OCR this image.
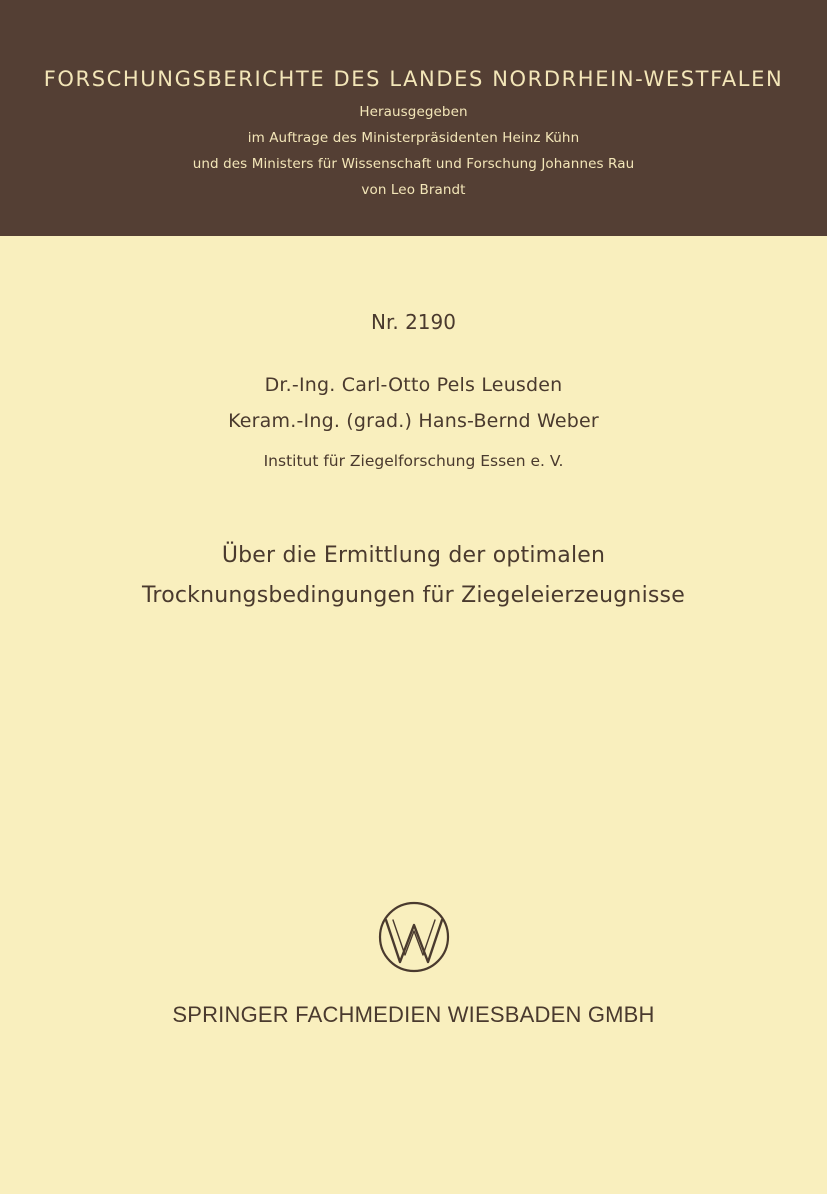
FORSCHUNGSBERICHTE DES LANDES NORDRHEIN-WESTFALEN
Herausgegeben
im Auftrage des Ministerpräsidenten Heinz Kühn
und des Ministers für Wissenschaft und Forschung Johannes Rau
von Leo Brandt
Nr. 2190
Dr.-Ing. Carl-Otto Pels Leusden
Keram.-Ing. (grad.) Hans-Bernd Weber
Institut für Ziegelforschung Essen e. V.
Über die Ermittlung der optimalen
Trocknungsbedingungen für Ziegeleierzeugnisse
SPRINGER FACHMEDIEN WIESBADEN GMBH
